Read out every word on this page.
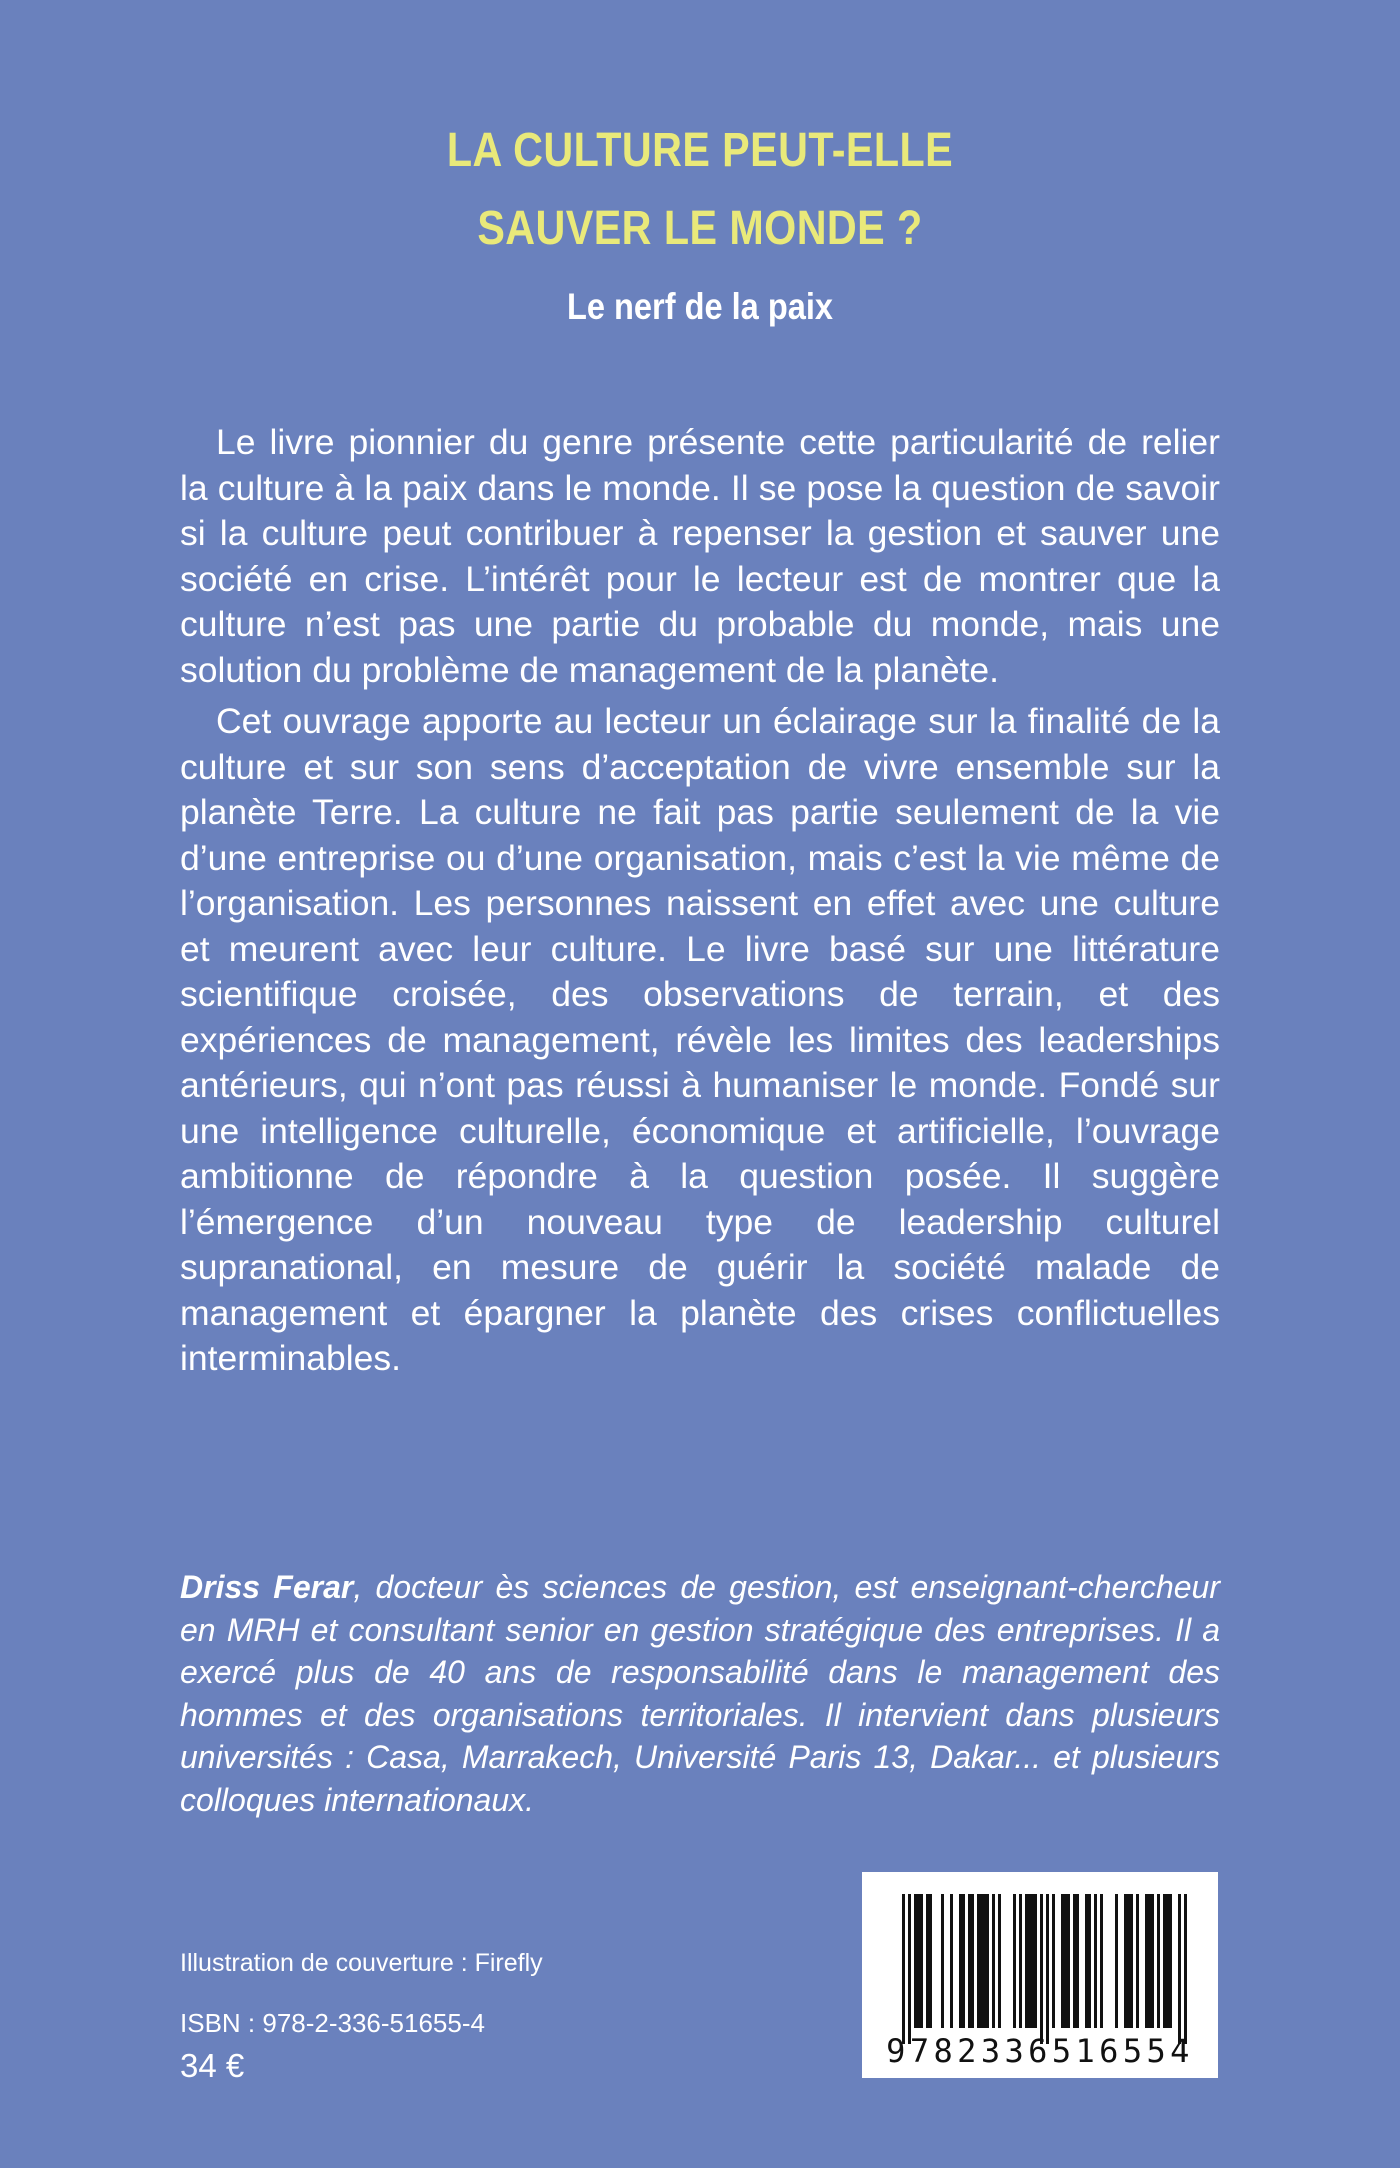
LA CULTURE PEUT-ELLE
SAUVER LE MONDE ?
Le nerf de la paix

Le livre pionnier du genre présente cette particularité de relier la culture à la paix dans le monde. Il se pose la question de savoir si la culture peut contribuer à repenser la gestion et sauver une société en crise. L’intérêt pour le lecteur est de montrer que la culture n’est pas une partie du probable du monde, mais une solution du problème de management de la planète.

Cet ouvrage apporte au lecteur un éclairage sur la finalité de la culture et sur son sens d’acceptation de vivre ensemble sur la planète Terre. La culture ne fait pas partie seulement de la vie d’une entreprise ou d’une organisation, mais c’est la vie même de l’organisation. Les personnes naissent en effet avec une culture et meurent avec leur culture. Le livre basé sur une littérature scientifique croisée, des observations de terrain, et des expériences de management, révèle les limites des leaderships antérieurs, qui n’ont pas réussi à humaniser le monde. Fondé sur une intelligence culturelle, économique et artificielle, l’ouvrage ambitionne de répondre à la question posée. Il suggère l’émergence d’un nouveau type de leadership culturel supranational, en mesure de guérir la société malade de management et épargner la planète des crises conflictuelles interminables.

Driss Ferar, docteur ès sciences de gestion, est enseignant-chercheur en MRH et consultant senior en gestion stratégique des entreprises. Il a exercé plus de 40 ans de responsabilité dans le management des hommes et des organisations territoriales. Il intervient dans plusieurs universités : Casa, Marrakech, Université Paris 13, Dakar... et plusieurs colloques internationaux.

Illustration de couverture : Firefly
ISBN : 978-2-336-51655-4
34 €	9782336516554
